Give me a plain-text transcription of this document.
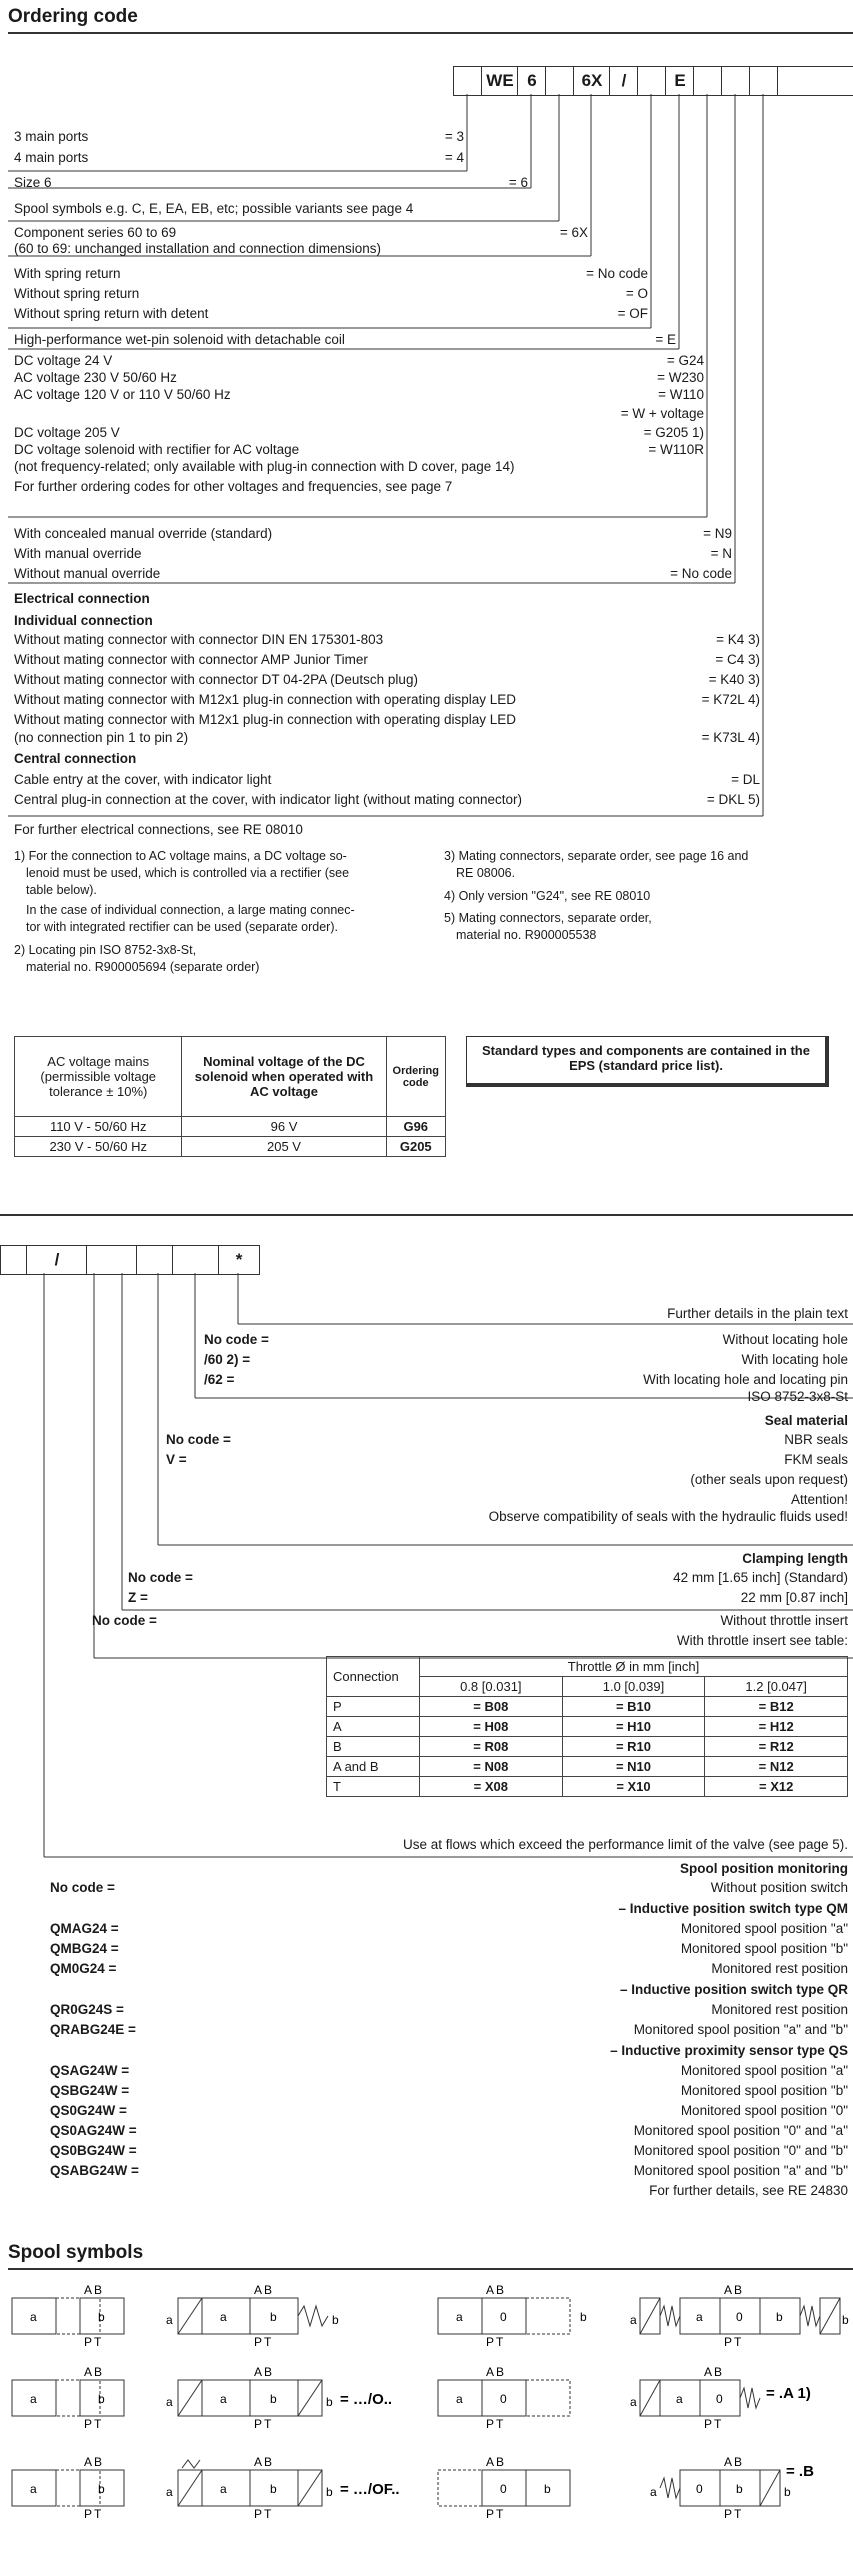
Ordering code
WE 6	6X	/	E
3 main ports	= 3
4 main ports	= 4
Size 6	= 6
Spool symbols e.g. C, E, EA, EB, etc; possible variants see page 4
Component series 60 to 69	= 6X
(60 to 69: unchanged installation and connection dimensions)
With spring return	= No code
Without spring return	= O
Without spring return with detent	= OF
High-performance wet-pin solenoid with detachable coil	= E
DC voltage 24 V	= G24
AC voltage 230 V 50/60 Hz	= W230
AC voltage 120 V or 110 V 50/60 Hz	= W110
= W + voltage
DC voltage 205 V	= G205 1)
DC voltage solenoid with rectifier for AC voltage	= W110R
(not frequency-related; only available with plug-in connection with D cover, page 14)
For further ordering codes for other voltages and frequencies, see page 7
With concealed manual override (standard)	= N9
With manual override	= N
Without manual override	= No code
Electrical connection
Individual connection
Without mating connector with connector DIN EN 175301-803	= K4 3)
Without mating connector with connector AMP Junior Timer	= C4 3)
Without mating connector with connector DT 04-2PA (Deutsch plug)	= K40 3)
Without mating connector with M12x1 plug-in connection with operating display LED	= K72L 4)
Without mating connector with M12x1 plug-in connection with operating display LED
(no connection pin 1 to pin 2)	= K73L 4)
Central connection
Cable entry at the cover, with indicator light	= DL
Central plug-in connection at the cover, with indicator light (without mating connector)	= DKL 5)
For further electrical connections, see RE 08010
1) For the connection to AC voltage mains, a DC voltage so-
lenoid must be used, which is controlled via a rectifier (see
table below).
In the case of individual connection, a large mating connec-
tor with integrated rectifier can be used (separate order).
2) Locating pin ISO 8752-3x8-St,
material no. R900005694 (separate order)
3) Mating connectors, separate order, see page 16 and
RE 08006.
4) Only version "G24", see RE 08010
5) Mating connectors, separate order,
material no. R900005538
AC voltage mains (permissible voltage tolerance ± 10%)	Nominal voltage of the DC solenoid when operated with AC voltage	Ordering code
110 V - 50/60 Hz	96 V	G96
230 V - 50/60 Hz	205 V	G205
Standard types and components are contained in the EPS (standard price list).
/	*
Further details in the plain text
No code =	Without locating hole
/60 2) =	With locating hole
/62 =	With locating hole and locating pin
ISO 8752-3x8-St
Seal material
No code =	NBR seals
V =	FKM seals
(other seals upon request)
Attention!
Observe compatibility of seals with the hydraulic fluids used!
Clamping length
No code =	42 mm [1.65 inch] (Standard)
Z =	22 mm [0.87 inch]
No code =	Without throttle insert
With throttle insert see table:
Connection	Throttle Ø in mm [inch]		
	0.8 [0.031]	1.0 [0.039]	1.2 [0.047]
P	= B08	= B10	= B12
A	= H08	= H10	= H12
B	= R08	= R10	= R12
A and B	= N08	= N10	= N12
T	= X08	= X10	= X12
Use at flows which exceed the performance limit of the valve (see page 5).
Spool position monitoring
No code =	Without position switch
– Inductive position switch type QM
QMAG24 =	Monitored spool position "a"
QMBG24 =	Monitored spool position "b"
QM0G24 =	Monitored rest position
– Inductive position switch type QR
QR0G24S =	Monitored rest position
QRABG24E =	Monitored spool position "a" and "b"
– Inductive proximity sensor type QS
QSAG24W =	Monitored spool position "a"
QSBG24W =	Monitored spool position "b"
QS0G24W =	Monitored spool position "0"
QS0AG24W =	Monitored spool position "0" and "a"
QS0BG24W =	Monitored spool position "0" and "b"
QSABG24W =	Monitored spool position "a" and "b"
For further details, see RE 24830
Spool symbols
a	b
A B
P T
a	a	b	b
A B
P T
a	0	b
A B
P T
a	a	0	b	b
A B
P T
a	b
A B
P T
a	a	b	b
A B
P T
= …/O..	a	0
A B
P T
a	a	0
A B
P T
= .A 1)
a	b
A B
P T
a	a	b	b
A B
P T
= …/OF..	0	b
A B
P T
a	0	b	b
A B
P T
= .B
